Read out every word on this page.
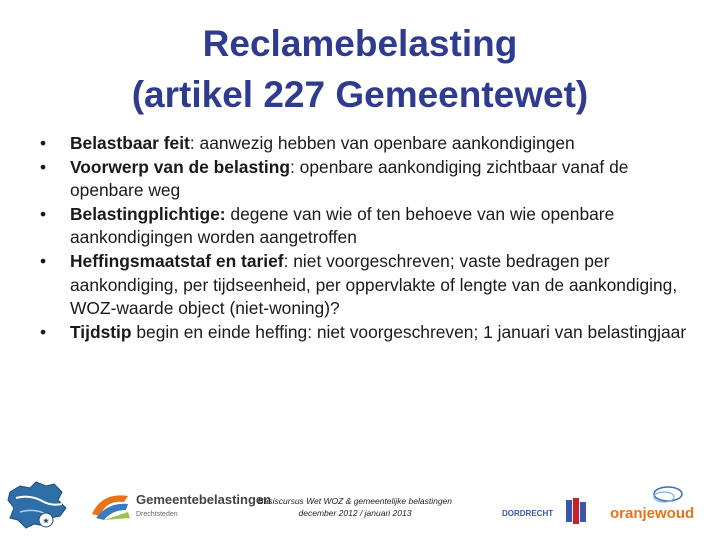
Reclamebelasting
(artikel 227 Gemeentewet)
•	Belastbaar feit: aanwezig hebben van openbare aankondigingen
•	Voorwerp van de belasting: openbare aankondiging zichtbaar vanaf de openbare weg
•	Belastingplichtige: degene van wie of ten behoeve van wie openbare aankondigingen worden aangetroffen
•	Heffingsmaatstaf en tarief: niet voorgeschreven; vaste bedragen per aankondiging, per tijdseenheid, per oppervlakte of lengte van de aankondiging, WOZ-waarde object (niet-woning)?
•	Tijdstip begin en einde heffing: niet voorgeschreven; 1 januari van belastingjaar
★
Gemeentebelastingen
Drechtsteden
Basiscursus Wet WOZ & gemeentelijke belastingen
december 2012 / januari 2013	DORDRECHT	oranjewoud
